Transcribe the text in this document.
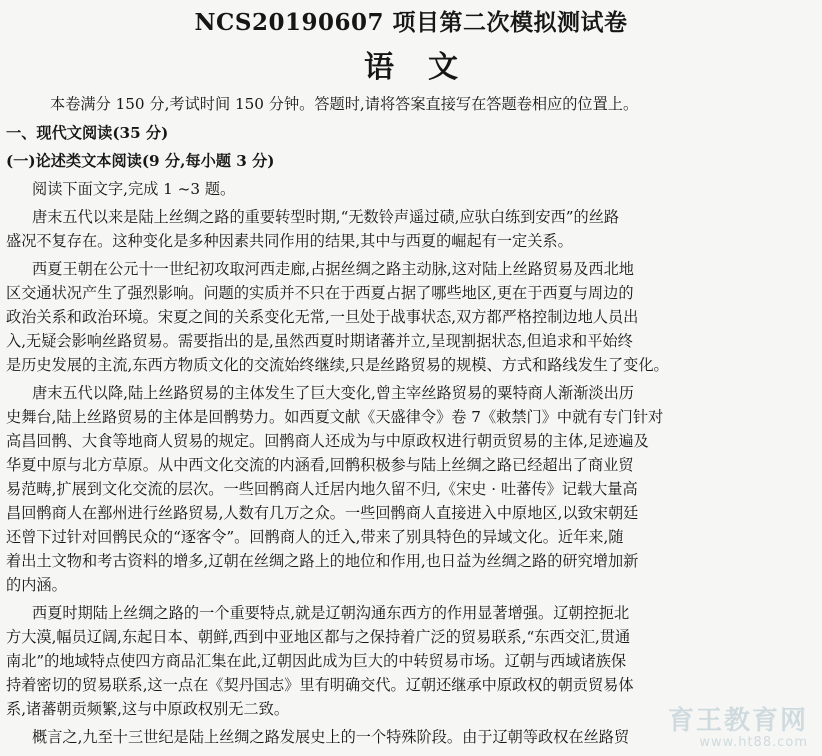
NCS20190607 项目第二次模拟测试卷
语文
本卷满分 150 分,考试时间 150 分钟。答题时,请将答案直接写在答题卷相应的位置上。
一、现代文阅读(35 分)
(一)论述类文本阅读(9 分,每小题 3 分)
阅读下面文字,完成 1 ~3 题。
唐末五代以来是陆上丝绸之路的重要转型时期,“无数铃声遥过碛,应驮白练到安西”的丝路
盛况不复存在。这种变化是多种因素共同作用的结果,其中与西夏的崛起有一定关系。
西夏王朝在公元十一世纪初攻取河西走廊,占据丝绸之路主动脉,这对陆上丝路贸易及西北地
区交通状况产生了强烈影响。问题的实质并不只在于西夏占据了哪些地区,更在于西夏与周边的
政治关系和政治环境。宋夏之间的关系变化无常,一旦处于战事状态,双方都严格控制边地人员出
入,无疑会影响丝路贸易。需要指出的是,虽然西夏时期诸蕃并立,呈现割据状态,但追求和平始终
是历史发展的主流,东西方物质文化的交流始终继续,只是丝路贸易的规模、方式和路线发生了变化。
唐末五代以降,陆上丝路贸易的主体发生了巨大变化,曾主宰丝路贸易的粟特商人渐渐淡出历
史舞台,陆上丝路贸易的主体是回鹘势力。如西夏文献《天盛律令》卷 7《敕禁门》中就有专门针对
高昌回鹘、大食等地商人贸易的规定。回鹘商人还成为与中原政权进行朝贡贸易的主体,足迹遍及
华夏中原与北方草原。从中西文化交流的内涵看,回鹘积极参与陆上丝绸之路已经超出了商业贸
易范畴,扩展到文化交流的层次。一些回鹘商人迁居内地久留不归,《宋史 · 吐蕃传》记载大量高
昌回鹘商人在鄯州进行丝路贸易,人数有几万之众。一些回鹘商人直接进入中原地区,以致宋朝廷
还曾下过针对回鹘民众的“逐客令”。回鹘商人的迁入,带来了别具特色的异域文化。近年来,随
着出土文物和考古资料的增多,辽朝在丝绸之路上的地位和作用,也日益为丝绸之路的研究增加新
的内涵。
西夏时期陆上丝绸之路的一个重要特点,就是辽朝沟通东西方的作用显著增强。辽朝控扼北
方大漠,幅员辽阔,东起日本、朝鲜,西到中亚地区都与之保持着广泛的贸易联系,“东西交汇,贯通
南北”的地域特点使四方商品汇集在此,辽朝因此成为巨大的中转贸易市场。辽朝与西域诸族保
持着密切的贸易联系,这一点在《契丹国志》里有明确交代。辽朝还继承中原政权的朝贡贸易体
系,诸蕃朝贡频繁,这与中原政权别无二致。
概言之,九至十三世纪是陆上丝绸之路发展史上的一个特殊阶段。由于辽朝等政权在丝路贸
育王教育网
www.ht88.com
